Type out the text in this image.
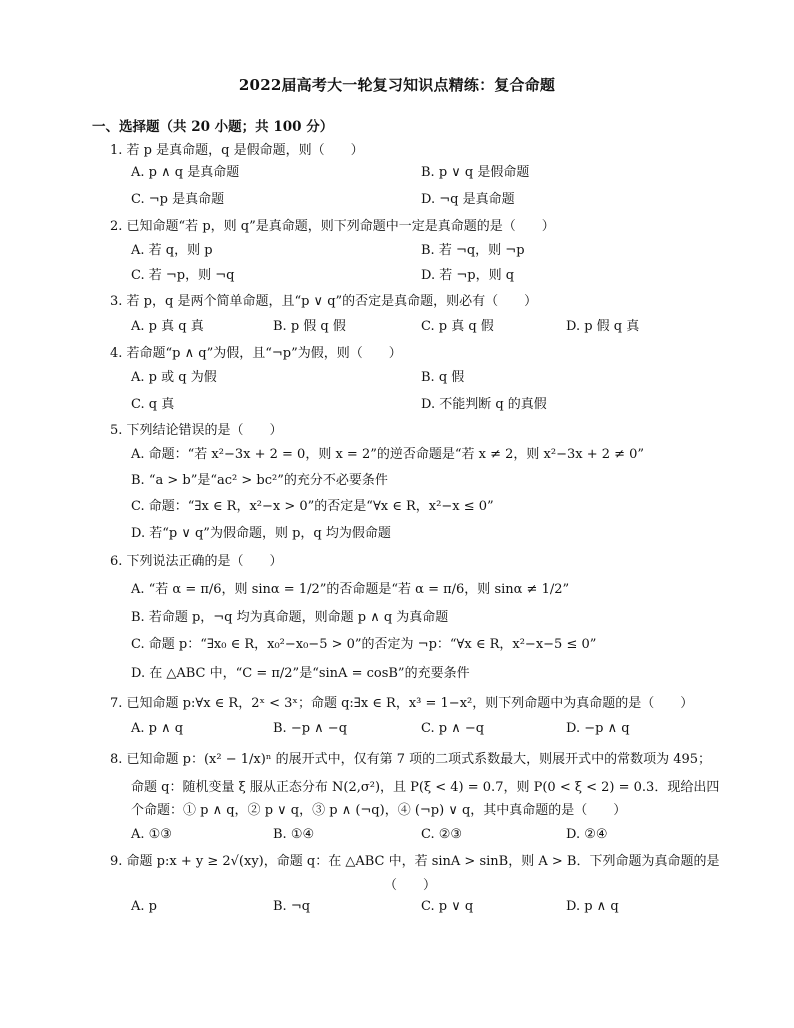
2022届高考大一轮复习知识点精练：复合命题
一、选择题（共 20 小题；共 100 分）
1. 若 p 是真命题，q 是假命题，则（　　）
A. p ∧ q 是真命题	B. p ∨ q 是假命题
C. ¬p 是真命题	D. ¬q 是真命题
2. 已知命题“若 p，则 q”是真命题，则下列命题中一定是真命题的是（　　）
A. 若 q，则 p	B. 若 ¬q，则 ¬p
C. 若 ¬p，则 ¬q	D. 若 ¬p，则 q
3. 若 p，q 是两个简单命题，且“p ∨ q”的否定是真命题，则必有（　　）
A. p 真 q 真	B. p 假 q 假	C. p 真 q 假	D. p 假 q 真
4. 若命题“p ∧ q”为假，且“¬p”为假，则（　　）
A. p 或 q 为假	B. q 假
C. q 真	D. 不能判断 q 的真假
5. 下列结论错误的是（　　）
A. 命题：“若 x²−3x + 2 = 0，则 x = 2”的逆否命题是“若 x ≠ 2，则 x²−3x + 2 ≠ 0”
B. “a > b”是“ac² > bc²”的充分不必要条件
C. 命题：“∃x ∈ R，x²−x > 0”的否定是“∀x ∈ R，x²−x ≤ 0”
D. 若“p ∨ q”为假命题，则 p，q 均为假命题
6. 下列说法正确的是（　　）
A. “若 α = π/6，则 sinα = 1/2”的否命题是“若 α = π/6，则 sinα ≠ 1/2”
B. 若命题 p，¬q 均为真命题，则命题 p ∧ q 为真命题
C. 命题 p：“∃x₀ ∈ R，x₀²−x₀−5 > 0”的否定为 ¬p：“∀x ∈ R，x²−x−5 ≤ 0”
D. 在 △ABC 中，“C = π/2”是“sinA = cosB”的充要条件
7. 已知命题 p:∀x ∈ R，2ˣ < 3ˣ；命题 q:∃x ∈ R，x³ = 1−x²，则下列命题中为真命题的是（　　）
A. p ∧ q	B. −p ∧ −q	C. p ∧ −q	D. −p ∧ q
8. 已知命题 p：(x² − 1/x)ⁿ 的展开式中，仅有第 7 项的二项式系数最大，则展开式中的常数项为 495；
命题 q：随机变量 ξ 服从正态分布 N(2,σ²)，且 P(ξ < 4) = 0.7，则 P(0 < ξ < 2) = 0.3．现给出四
个命题：① p ∧ q，② p ∨ q，③ p ∧ (¬q)，④ (¬p) ∨ q，其中真命题的是（　　）
A. ①③	B. ①④	C. ②③	D. ②④
9. 命题 p:x + y ≥ 2√(xy)，命题 q：在 △ABC 中，若 sinA > sinB，则 A > B．下列命题为真命题的是
（　　）
A. p	B. ¬q	C. p ∨ q	D. p ∧ q
